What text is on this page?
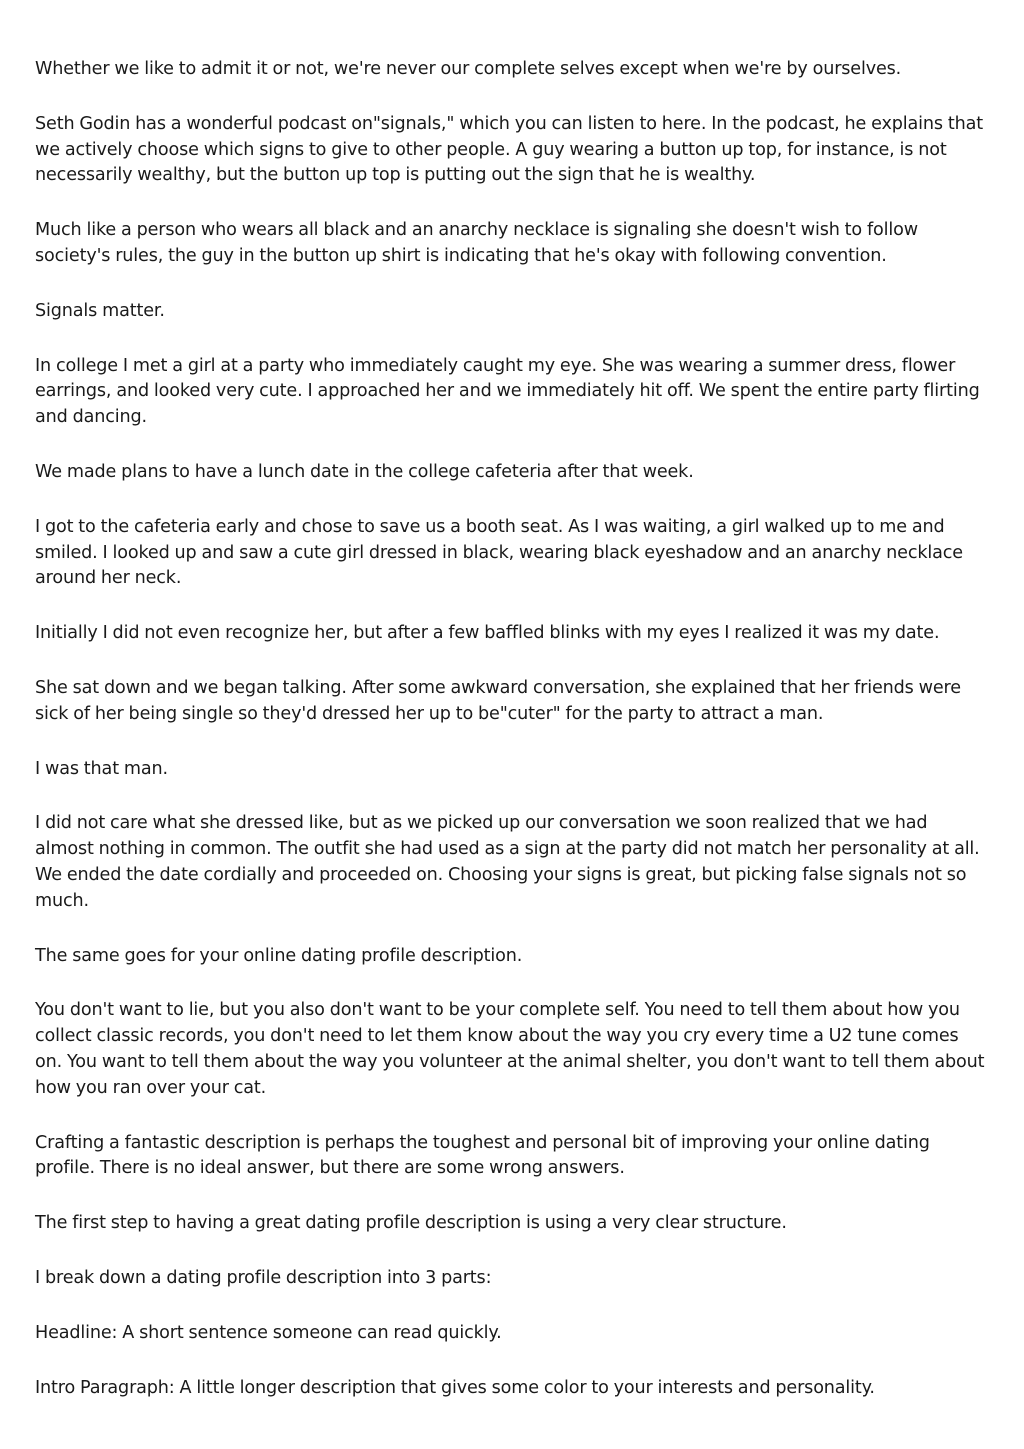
Whether we like to admit it or not, we're never our complete selves except when we're by ourselves.

Seth Godin has a wonderful podcast on"signals," which you can listen to here. In the podcast, he explains that we actively choose which signs to give to other people. A guy wearing a button up top, for instance, is not necessarily wealthy, but the button up top is putting out the sign that he is wealthy.

Much like a person who wears all black and an anarchy necklace is signaling she doesn't wish to follow society's rules, the guy in the button up shirt is indicating that he's okay with following convention.

Signals matter.

In college I met a girl at a party who immediately caught my eye. She was wearing a summer dress, flower earrings, and looked very cute. I approached her and we immediately hit off. We spent the entire party flirting and dancing.

We made plans to have a lunch date in the college cafeteria after that week.

I got to the cafeteria early and chose to save us a booth seat. As I was waiting, a girl walked up to me and smiled. I looked up and saw a cute girl dressed in black, wearing black eyeshadow and an anarchy necklace around her neck.

Initially I did not even recognize her, but after a few baffled blinks with my eyes I realized it was my date.

She sat down and we began talking. After some awkward conversation, she explained that her friends were sick of her being single so they'd dressed her up to be"cuter" for the party to attract a man.

I was that man.

I did not care what she dressed like, but as we picked up our conversation we soon realized that we had almost nothing in common. The outfit she had used as a sign at the party did not match her personality at all. We ended the date cordially and proceeded on. Choosing your signs is great, but picking false signals not so much.

The same goes for your online dating profile description.

You don't want to lie, but you also don't want to be your complete self. You need to tell them about how you collect classic records, you don't need to let them know about the way you cry every time a U2 tune comes on. You want to tell them about the way you volunteer at the animal shelter, you don't want to tell them about how you ran over your cat.

Crafting a fantastic description is perhaps the toughest and personal bit of improving your online dating profile. There is no ideal answer, but there are some wrong answers.

The first step to having a great dating profile description is using a very clear structure.

I break down a dating profile description into 3 parts:

Headline: A short sentence someone can read quickly.

Intro Paragraph: A little longer description that gives some color to your interests and personality.
